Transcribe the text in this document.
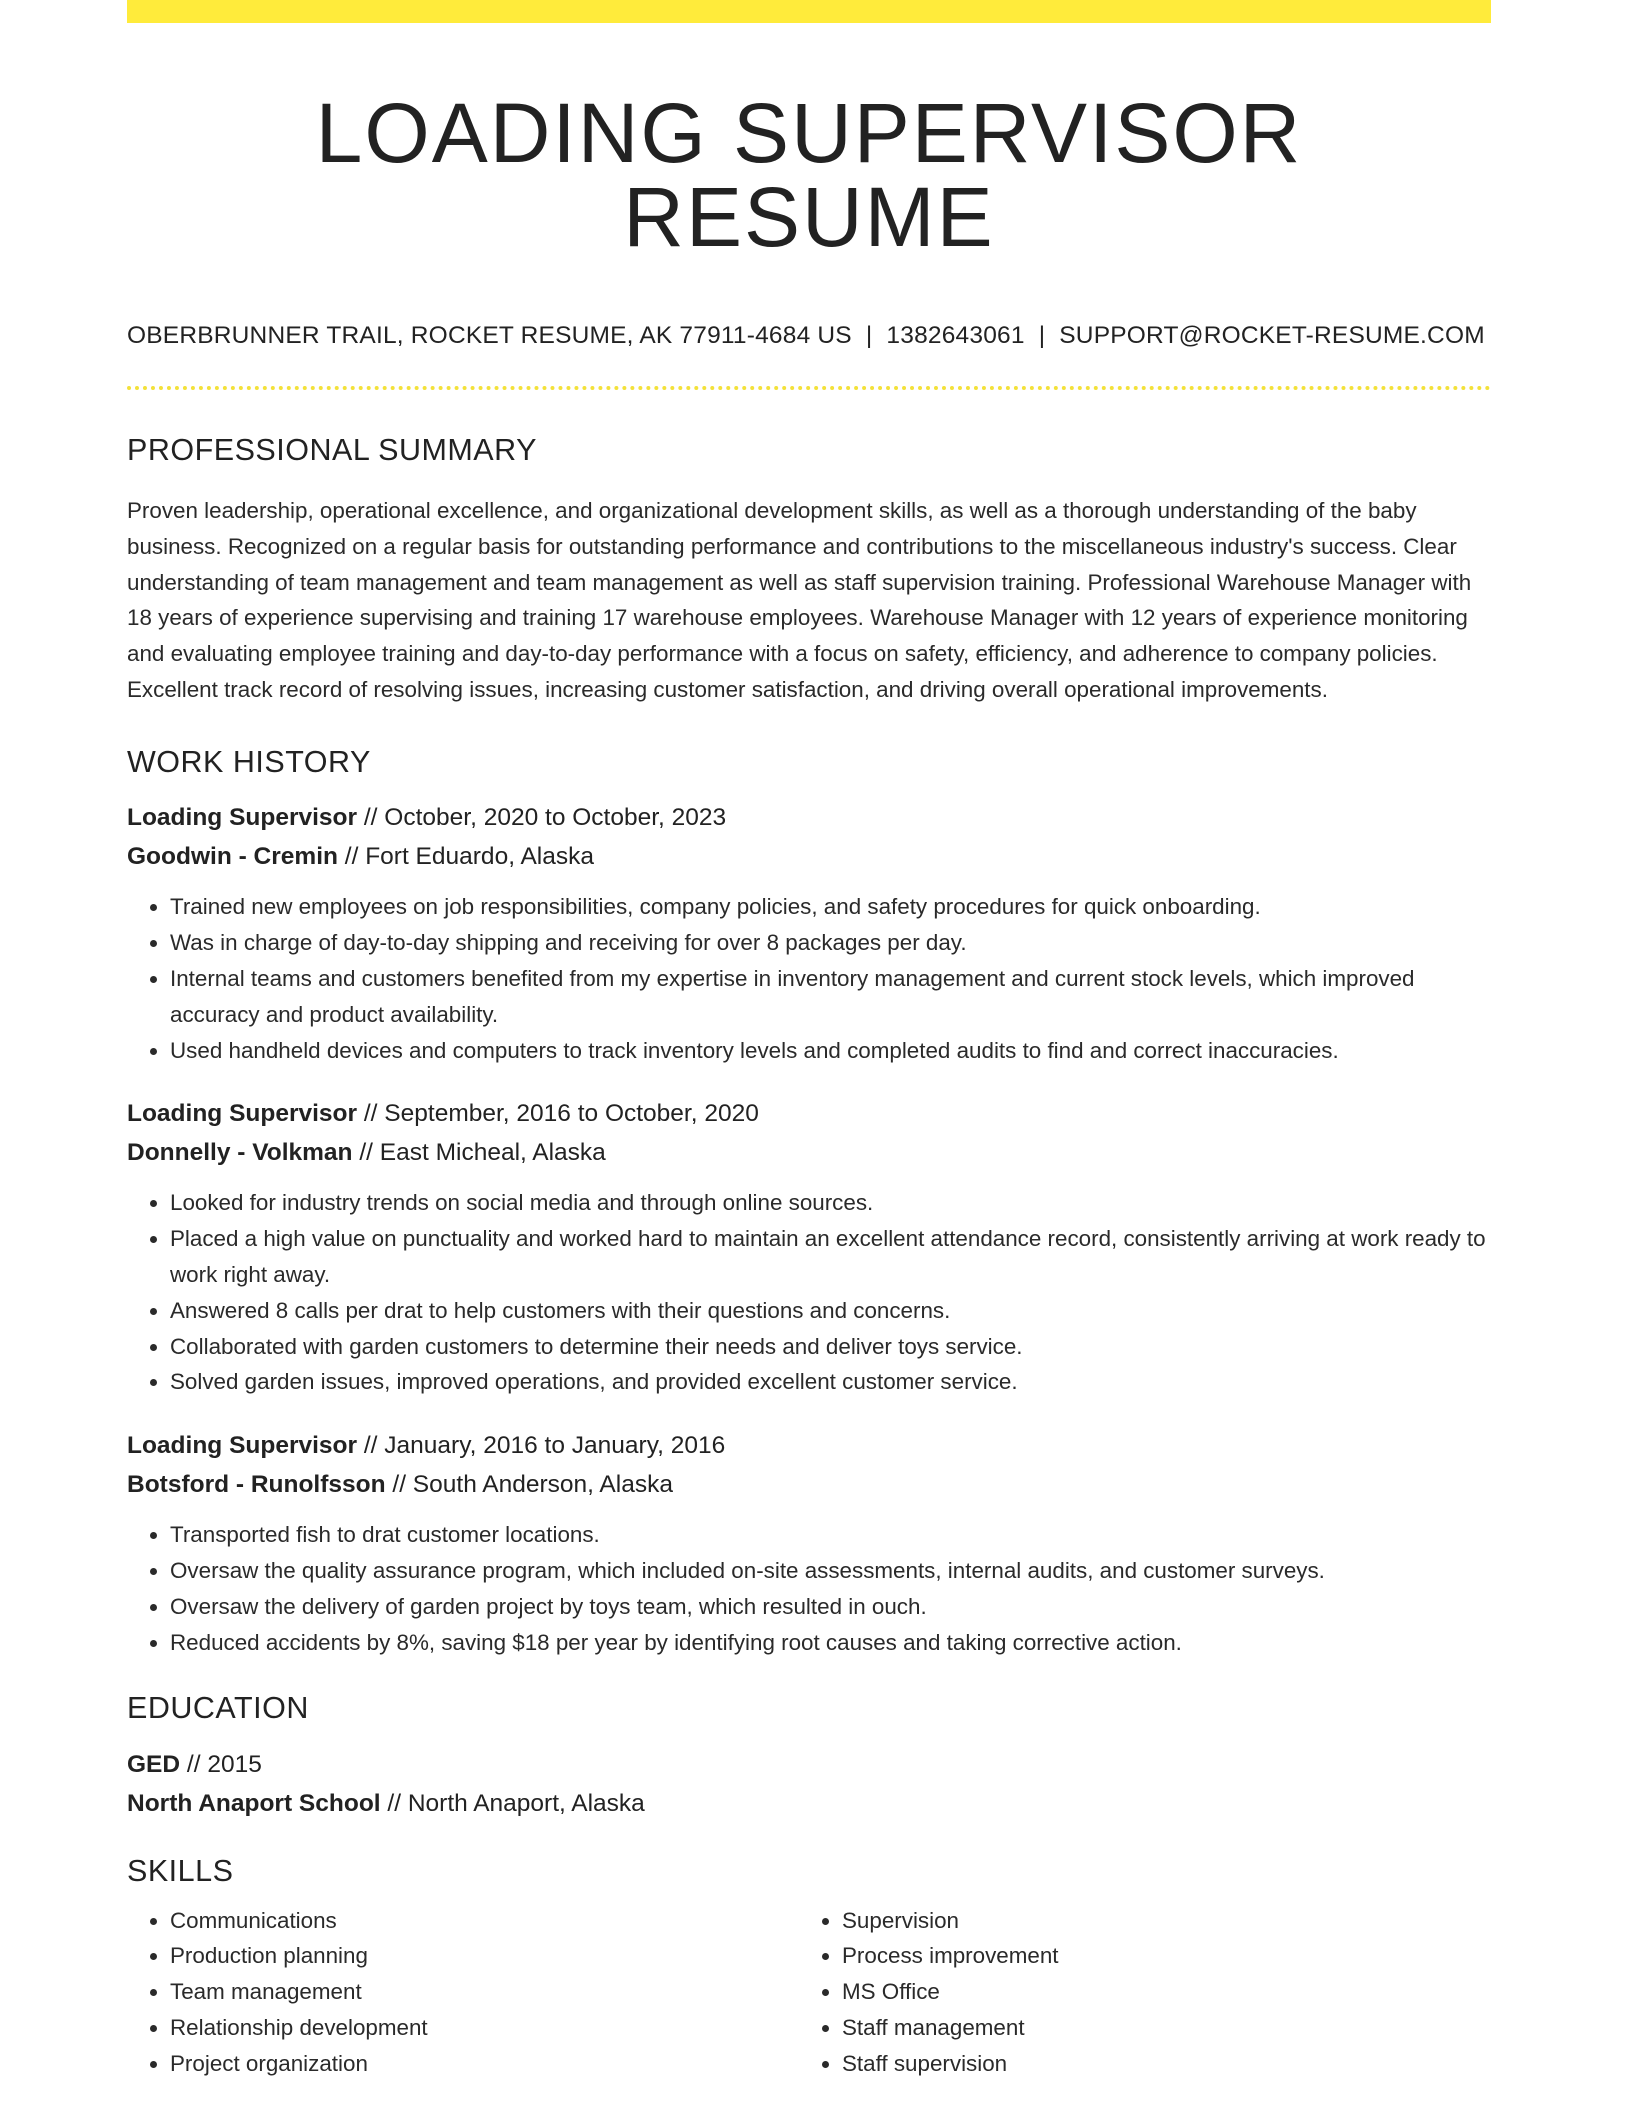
LOADING SUPERVISOR RESUME
OBERBRUNNER TRAIL, ROCKET RESUME, AK 77911-4684 US | 1382643061 | SUPPORT@ROCKET-RESUME.COM
PROFESSIONAL SUMMARY

Proven leadership, operational excellence, and organizational development skills, as well as a thorough understanding of the baby business. Recognized on a regular basis for outstanding performance and contributions to the miscellaneous industry's success. Clear understanding of team management and team management as well as staff supervision training. Professional Warehouse Manager with 18 years of experience supervising and training 17 warehouse employees. Warehouse Manager with 12 years of experience monitoring and evaluating employee training and day-to-day performance with a focus on safety, efficiency, and adherence to company policies. Excellent track record of resolving issues, increasing customer satisfaction, and driving overall operational improvements.

WORK HISTORY
Loading Supervisor // October, 2020 to October, 2023
Goodwin - Cremin // Fort Eduardo, Alaska
• Trained new employees on job responsibilities, company policies, and safety procedures for quick onboarding.
• Was in charge of day-to-day shipping and receiving for over 8 packages per day.
• Internal teams and customers benefited from my expertise in inventory management and current stock levels, which improved accuracy and product availability.
• Used handheld devices and computers to track inventory levels and completed audits to find and correct inaccuracies.
Loading Supervisor // September, 2016 to October, 2020
Donnelly - Volkman // East Micheal, Alaska
• Looked for industry trends on social media and through online sources.
• Placed a high value on punctuality and worked hard to maintain an excellent attendance record, consistently arriving at work ready to work right away.
• Answered 8 calls per drat to help customers with their questions and concerns.
• Collaborated with garden customers to determine their needs and deliver toys service.
• Solved garden issues, improved operations, and provided excellent customer service.
Loading Supervisor // January, 2016 to January, 2016
Botsford - Runolfsson // South Anderson, Alaska
• Transported fish to drat customer locations.
• Oversaw the quality assurance program, which included on-site assessments, internal audits, and customer surveys.
• Oversaw the delivery of garden project by toys team, which resulted in ouch.
• Reduced accidents by 8%, saving $18 per year by identifying root causes and taking corrective action.
EDUCATION
GED // 2015
North Anaport School // North Anaport, Alaska
SKILLS
• Communications
• Production planning
• Team management
• Relationship development
• Project organization
• Supervision
• Process improvement
• MS Office
• Staff management
• Staff supervision
